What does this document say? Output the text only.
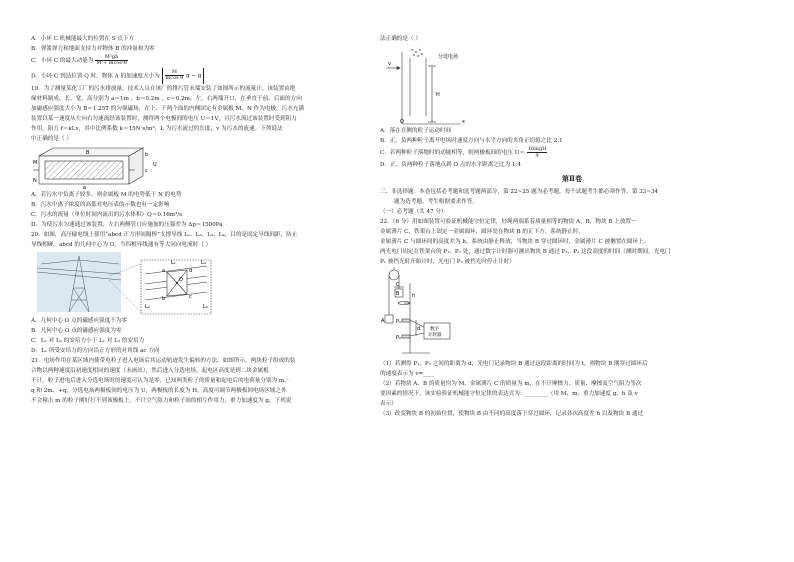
A．小环 C 机械能最大的位置在 S 点下方
B．弹簧弹力和地面支持力对物体 B 的冲量和为零
C．小环 C 的最大动能为 $\frac{\text{M²gh}}{\text{M + mcos²θ}}$
D．小环 C 到达位置 Q 时，物体 A 的加速度大小为 $\frac{M}{\text{mcos θ}}$ g − g
19．为了测量某化工厂的污水排放量，技术人员在该厂的排污管末端安装了如图所示的流量计，该装置由绝
缘材料制成，长、宽、高分别为 a＝1m 、b＝0.2m 、c＝0.2m，左、右两端开口，在垂直于前、后面的方向
加磁感应强度大小为 B＝1.25T 的匀强磁场，在上、下两个面的内侧固定有金属板 M、N 作为电极，污水充满
装置以某一速度从左向右匀速流经该装置时，测得两个电极间的电压 U＝1V，且污水流过该装置时受到阻力
作用，阻力 f＝kLv，其中比例系数 k＝15N·s/m²，L 为污水流过的长度，v 为污水的流速。下列说法
中正确的是（ ）
B
a
b
c
M
N
U
A．若污水中负离子较多，则金属板 M 的电势低于 N 的电势
B．污水中离子浓度的高低对电压表的示数也有一定影响
C．污水的流量（单位时间内流出的污水体积）Q＝0.16m³/s
D．为使污水匀速通过该装置，左右两侧管口应施加的压强差为 Δp＝1500Pa
20．如图，高压输电线上使用“abcd 正方形间隔棒”支撑导线 L₁、L₂、L₃、L₄，目的是固定导线间距，防止
导线相碰。abcd 的几何中心为 O，当四根导线通有等大同向电流时（ ）
L₁	L₄
L₂	L₃
a	d
b	c
O
A．几何中心 O 点的磁感应强度不为零
B．几何中心 O 点的磁感应强度为零
C．L₁ 对 L₂ 的安培力小于 L₁ 对 L₃ 的安培力
D．L₁ 所受安培力的方向沿正方形的对角线 ac 方向
21．电场作用在某区域内使带电粒子进入电场后其运动轨迹发生偏转的方法，如图所示，两块粒子组成的装
合物以两种速度沿初速度相同的速度（未画出），然后进入分选电场，起电区高度是到二块金属板
不计，粒子进电后进入分选电场时的速度可认为是零，已知两类粒子的质量和起电后的电荷量分别为 m、·
q 和 2m、+q，分选电场两极板间的电压为 U，两极板的长度为 H，高度可调节两极板间电场区域之外
不会撞击 m 的粒子刚好打不到该极板上，不计空气阻力和粒子间的相互作用力，重力加速度为 g，下列说
法正确的是（ ）
v
分选电场
H
O	x
A．落在在侧的粒子运动时间
B．正、负两种粒子离开电场时速度方向与水平方向的夹角正切值之比 2:1
C．若两种粒子落地时的动能相等，则两极板间的电压 $U= \frac{\text{16mgH}}{q}$
D．正、负两种粒子落地点到 O 点的水平距离之比为 1:4
第Ⅱ卷
三、非选择题：本卷包括必考题和选考题两部分，第 22~25 题为必考题，每个试题考生都必须作答。第 33~34
题为选考题，考生根据要求作答。
（一）必考题（共 47 分）
22．（6 分）用如图装置可验证机械能守恒定律，轻绳两端系着质量相等的物块 A、B，物块 B 上放置一
金属薄片 C，铁架台上固定一金属圆环，圆环处在物块 B 的正下方。系统静止时，
金属薄片 C 与圆环间的高度差为 h。系统由静止释放，当物块 B 穿过圆环时，金属薄片 C 被搁置在圆环上。
两光电门固定在铁架台的 P₁、P₂ 处，通过数字计时器可测出物块 B 通过 P₁、P₂ 这段高度的时间（测时期间，光电门
P₁ 被挡光时开始计时，光电门 P₂ 被挡光时停止计时）
A
B
C
h
P₁
P₂
d 数字
计时器
（1）若测得 P₁、P₂ 之间的距离为 d，光电门记录物块 B 通过这段距离的时间为 t，则物块 B 刚穿过圆环后
的速度表示为 v=____
（2）若物块 A、B 的质量均为 M，金属薄片 C 的质量为 m，在不计摩擦力、质量、摩擦及空气阻力等次
要因素的情况下，该实验验证机械能守恒定律的表达式为：________（用 M、m、重力加速度 g、h 及 v
表示）
（3）改变物块 B 的初始位置，使物块 B 由不同的高度落下穿过圆环，记录各次高度差 h 以及物块 B 通过
